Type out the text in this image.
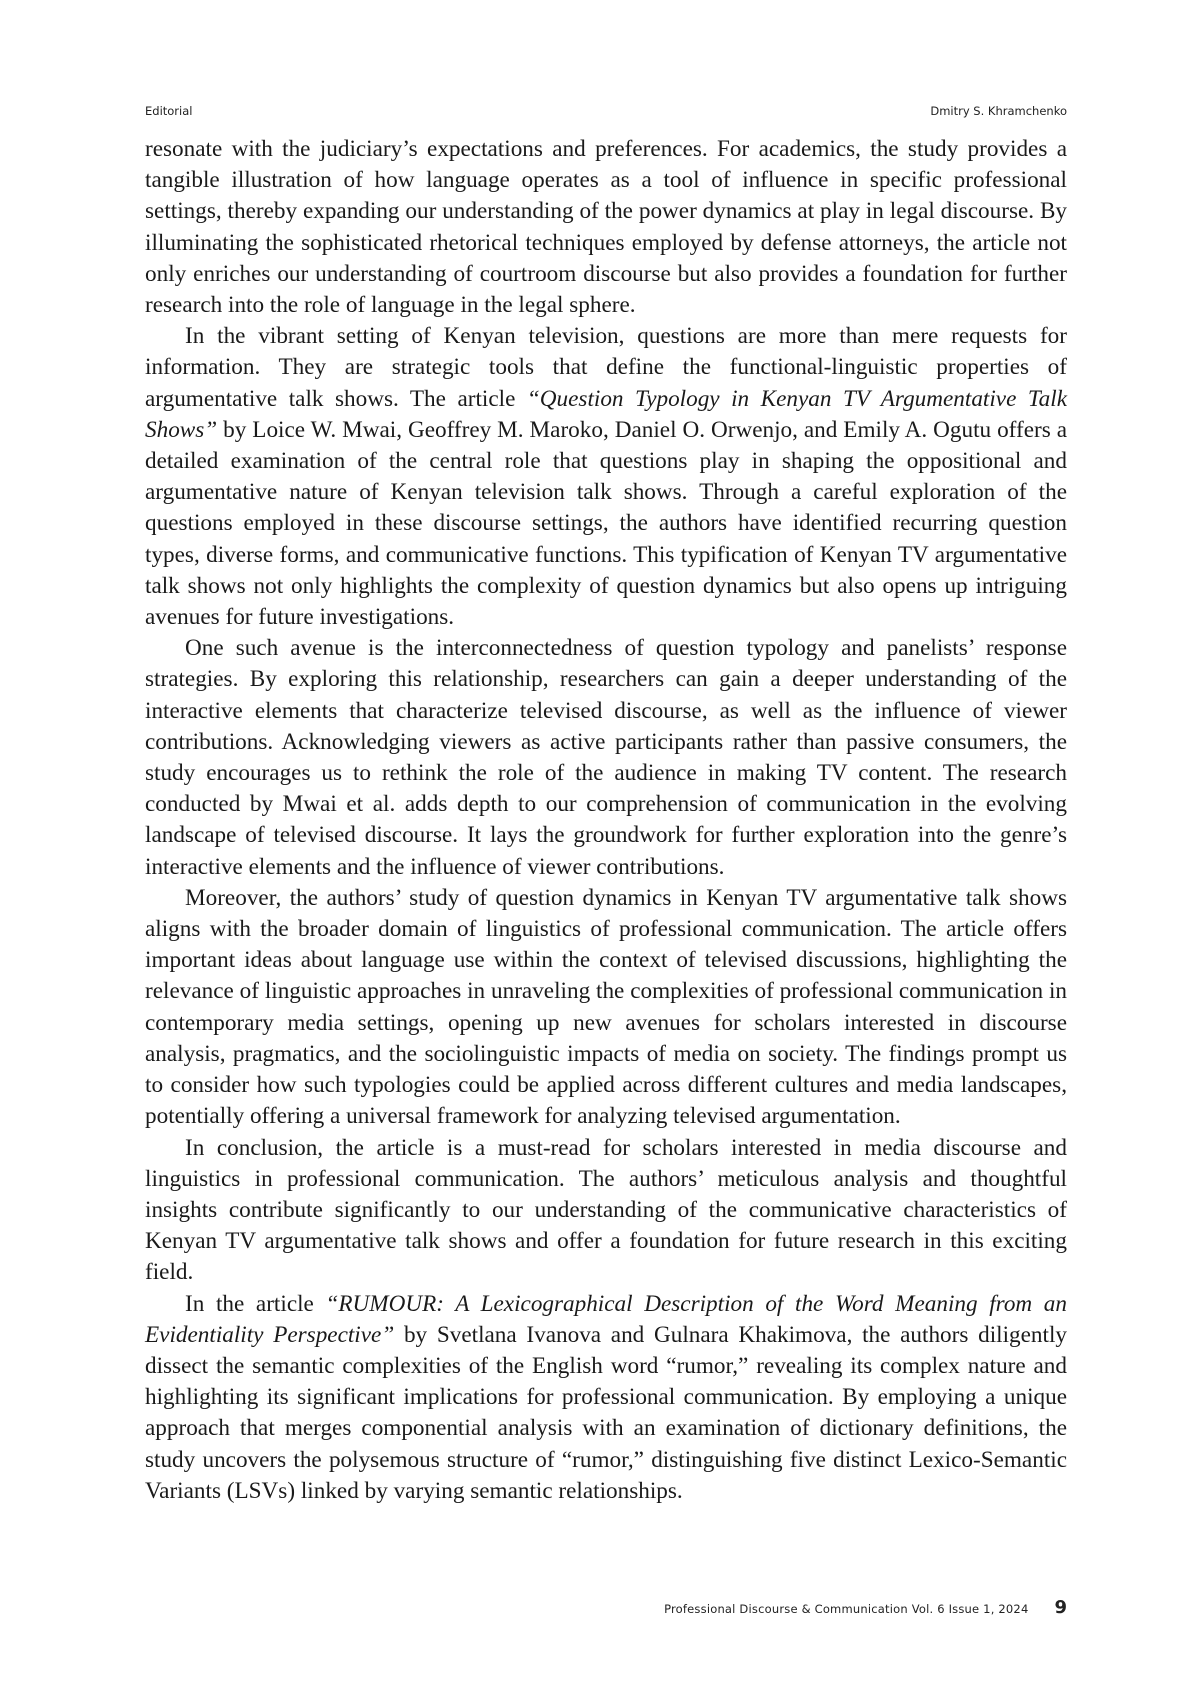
Editorial	Dmitry S. Khramchenko

resonate with the judiciary’s expectations and preferences. For academics, the study provides a tangible illustration of how language operates as a tool of influence in specific professional settings, thereby expanding our understanding of the power dynamics at play in legal discourse. By illuminating the sophisticated rhetorical techniques employed by defense attorneys, the article not only enriches our understanding of courtroom discourse but also provides a foundation for further research into the role of language in the legal sphere.

In the vibrant setting of Kenyan television, questions are more than mere requests for information. They are strategic tools that define the functional-linguistic properties of argumentative talk shows. The article “Question Typology in Kenyan TV Argumentative Talk Shows” by Loice W. Mwai, Geoffrey M. Maroko, Daniel O. Orwenjo, and Emily A. Ogutu offers a detailed examination of the central role that questions play in shaping the oppositional and argumentative nature of Kenyan television talk shows. Through a careful exploration of the questions employed in these discourse settings, the authors have identified recurring question types, diverse forms, and communicative functions. This typification of Kenyan TV argumentative talk shows not only highlights the complexity of question dynamics but also opens up intriguing avenues for future investigations.

One such avenue is the interconnectedness of question typology and panelists’ response strategies. By exploring this relationship, researchers can gain a deeper understanding of the interactive elements that characterize televised discourse, as well as the influence of viewer contributions. Acknowledging viewers as active participants rather than passive consumers, the study encourages us to rethink the role of the audience in making TV content. The research conducted by Mwai et al. adds depth to our comprehension of communication in the evolving landscape of televised discourse. It lays the groundwork for further exploration into the genre’s interactive elements and the influence of viewer contributions.

Moreover, the authors’ study of question dynamics in Kenyan TV argumentative talk shows aligns with the broader domain of linguistics of professional communication. The article offers important ideas about language use within the context of televised discussions, highlighting the relevance of linguistic approaches in unraveling the complexities of professional communication in contemporary media settings, opening up new avenues for scholars interested in discourse analysis, pragmatics, and the sociolinguistic impacts of media on society. The findings prompt us to consider how such typologies could be applied across different cultures and media landscapes, potentially offering a universal framework for analyzing televised argumentation.

In conclusion, the article is a must-read for scholars interested in media discourse and linguistics in professional communication. The authors’ meticulous analysis and thoughtful insights contribute significantly to our understanding of the communicative characteristics of Kenyan TV argumentative talk shows and offer a foundation for future research in this exciting field.

In the article “RUMOUR: A Lexicographical Description of the Word Meaning from an Evidentiality Perspective” by Svetlana Ivanova and Gulnara Khakimova, the authors diligently dissect the semantic complexities of the English word “rumor,” revealing its complex nature and highlighting its significant implications for professional communication. By employing a unique approach that merges componential analysis with an examination of dictionary definitions, the study uncovers the polysemous structure of “rumor,” distinguishing five distinct Lexico-Semantic Variants (LSVs) linked by varying semantic relationships.

Professional Discourse & Communication Vol. 6 Issue 1, 2024 9
